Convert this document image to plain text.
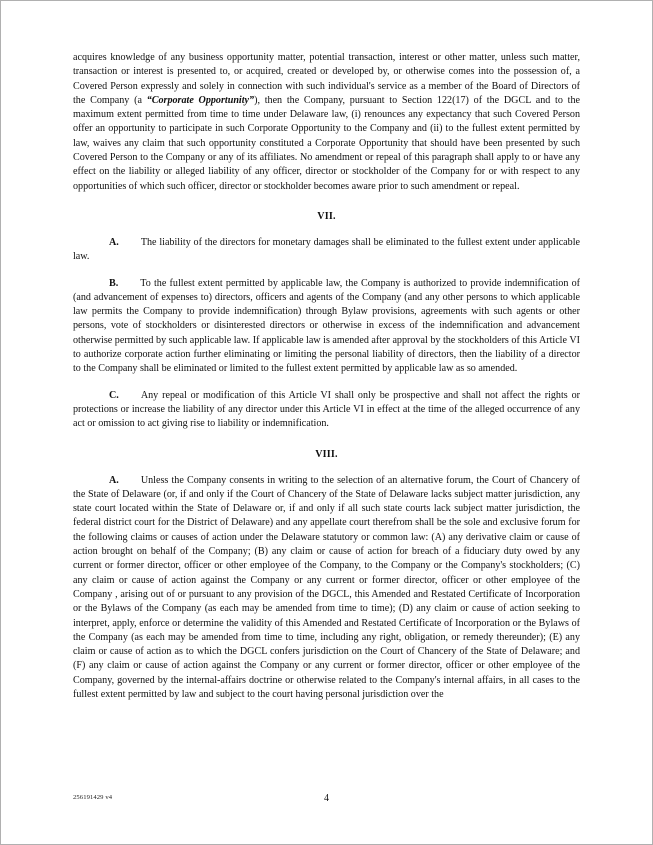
acquires knowledge of any business opportunity matter, potential transaction, interest or other matter, unless such matter, transaction or interest is presented to, or acquired, created or developed by, or otherwise comes into the possession of, a Covered Person expressly and solely in connection with such individual's service as a member of the Board of Directors of the Company (a “Corporate Opportunity”), then the Company, pursuant to Section 122(17) of the DGCL and to the maximum extent permitted from time to time under Delaware law, (i) renounces any expectancy that such Covered Person offer an opportunity to participate in such Corporate Opportunity to the Company and (ii) to the fullest extent permitted by law, waives any claim that such opportunity constituted a Corporate Opportunity that should have been presented by such Covered Person to the Company or any of its affiliates. No amendment or repeal of this paragraph shall apply to or have any effect on the liability or alleged liability of any officer, director or stockholder of the Company for or with respect to any opportunities of which such officer, director or stockholder becomes aware prior to such amendment or repeal.

VII.

A. The liability of the directors for monetary damages shall be eliminated to the fullest extent under applicable law.

B. To the fullest extent permitted by applicable law, the Company is authorized to provide indemnification of (and advancement of expenses to) directors, officers and agents of the Company (and any other persons to which applicable law permits the Company to provide indemnification) through Bylaw provisions, agreements with such agents or other persons, vote of stockholders or disinterested directors or otherwise in excess of the indemnification and advancement otherwise permitted by such applicable law. If applicable law is amended after approval by the stockholders of this Article VI to authorize corporate action further eliminating or limiting the personal liability of directors, then the liability of a director to the Company shall be eliminated or limited to the fullest extent permitted by applicable law as so amended.

C. Any repeal or modification of this Article VI shall only be prospective and shall not affect the rights or protections or increase the liability of any director under this Article VI in effect at the time of the alleged occurrence of any act or omission to act giving rise to liability or indemnification.

VIII.

A. Unless the Company consents in writing to the selection of an alternative forum, the Court of Chancery of the State of Delaware (or, if and only if the Court of Chancery of the State of Delaware lacks subject matter jurisdiction, any state court located within the State of Delaware or, if and only if all such state courts lack subject matter jurisdiction, the federal district court for the District of Delaware) and any appellate court therefrom shall be the sole and exclusive forum for the following claims or causes of action under the Delaware statutory or common law: (A) any derivative claim or cause of action brought on behalf of the Company; (B) any claim or cause of action for breach of a fiduciary duty owed by any current or former director, officer or other employee of the Company, to the Company or the Company's stockholders; (C) any claim or cause of action against the Company or any current or former director, officer or other employee of the Company , arising out of or pursuant to any provision of the DGCL, this Amended and Restated Certificate of Incorporation or the Bylaws of the Company (as each may be amended from time to time); (D) any claim or cause of action seeking to interpret, apply, enforce or determine the validity of this Amended and Restated Certificate of Incorporation or the Bylaws of the Company (as each may be amended from time to time, including any right, obligation, or remedy thereunder); (E) any claim or cause of action as to which the DGCL confers jurisdiction on the Court of Chancery of the State of Delaware; and (F) any claim or cause of action against the Company or any current or former director, officer or other employee of the Company, governed by the internal-affairs doctrine or otherwise related to the Company's internal affairs, in all cases to the fullest extent permitted by law and subject to the court having personal jurisdiction over the

256191429 v4	4
